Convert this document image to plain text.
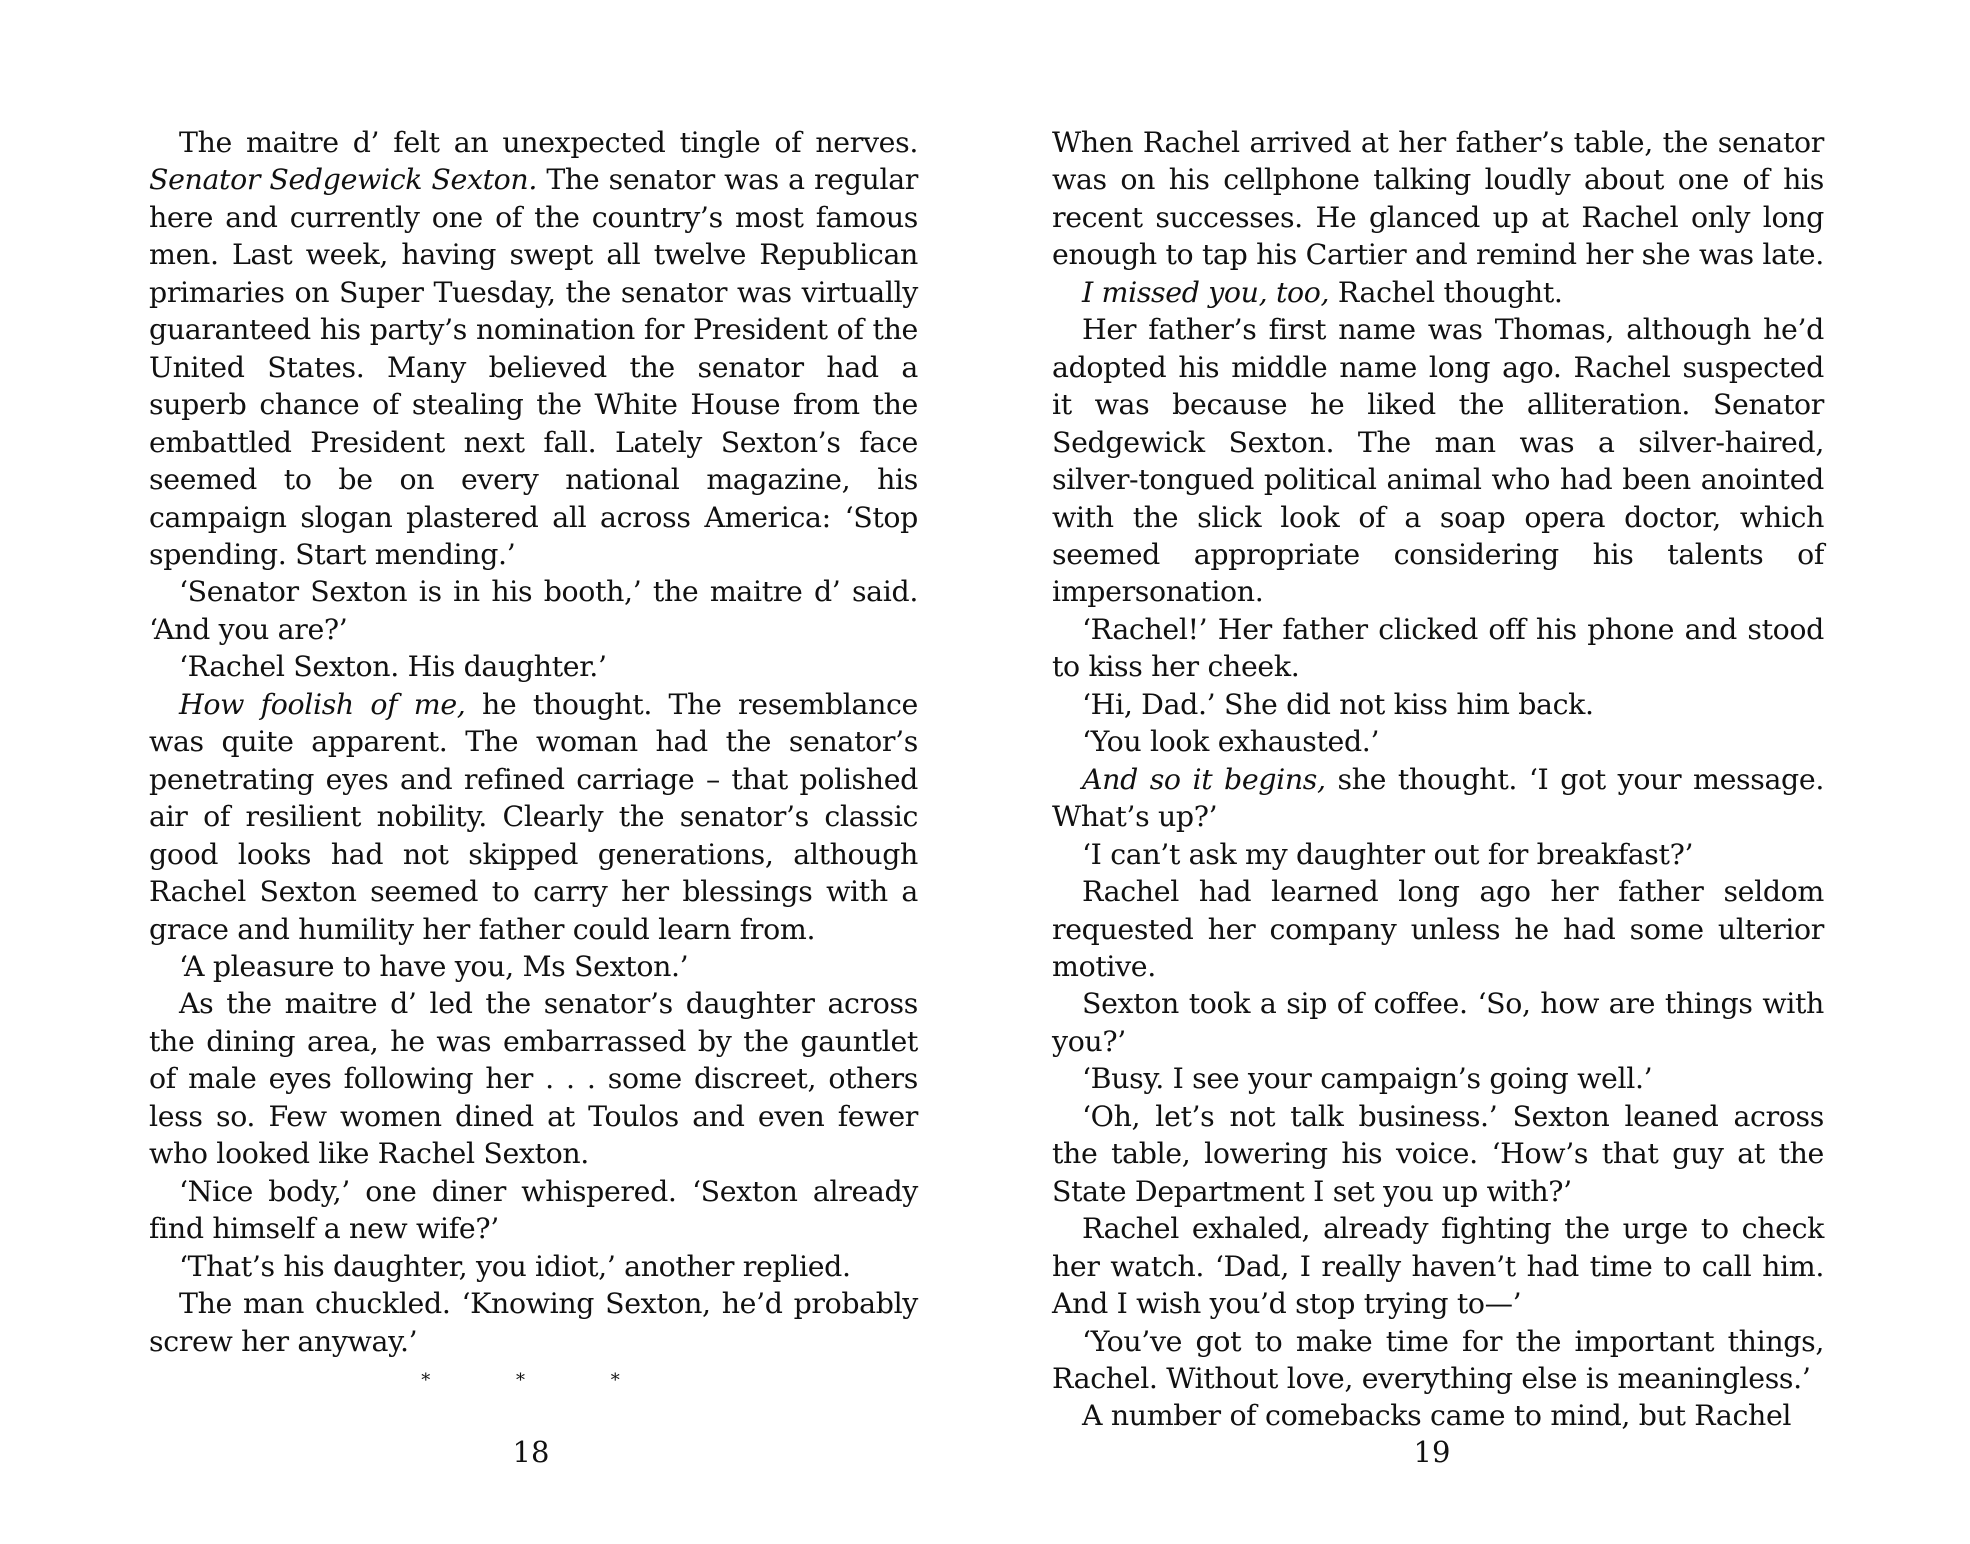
The maitre d’ felt an unexpected tingle of nerves. Senator Sedgewick Sexton. The senator was a regular here and currently one of the country’s most famous men. Last week, having swept all twelve Republican primaries on Super Tuesday, the senator was virtually guaranteed his party’s nomination for President of the United States. Many believed the senator had a superb chance of stealing the White House from the embattled President next fall. Lately Sexton’s face seemed to be on every national magazine, his campaign slogan plastered all across America: ‘Stop spending. Start mending.’

‘Senator Sexton is in his booth,’ the maitre d’ said. ‘And you are?’

‘Rachel Sexton. His daughter.’

How foolish of me, he thought. The resemblance was quite apparent. The woman had the senator’s penetrating eyes and refined carriage – that polished air of resilient nobility. Clearly the senator’s classic good looks had not skipped generations, although Rachel Sexton seemed to carry her blessings with a grace and humility her father could learn from.

‘A pleasure to have you, Ms Sexton.’

As the maitre d’ led the senator’s daughter across the dining area, he was embarrassed by the gauntlet of male eyes following her . . . some discreet, others less so. Few women dined at Toulos and even fewer who looked like Rachel Sexton.

‘Nice body,’ one diner whispered. ‘Sexton already find himself a new wife?’

‘That’s his daughter, you idiot,’ another replied.

The man chuckled. ‘Knowing Sexton, he’d probably screw her anyway.’

* * *
18

When Rachel arrived at her father’s table, the senator was on his cellphone talking loudly about one of his recent successes. He glanced up at Rachel only long enough to tap his Cartier and remind her she was late.

I missed you, too, Rachel thought.

Her father’s first name was Thomas, although he’d adopted his middle name long ago. Rachel suspected it was because he liked the alliteration. Senator Sedgewick Sexton. The man was a silver-haired, silver-tongued political animal who had been anointed with the slick look of a soap opera doctor, which seemed appropriate considering his talents of impersonation.

‘Rachel!’ Her father clicked off his phone and stood to kiss her cheek.

‘Hi, Dad.’ She did not kiss him back.

‘You look exhausted.’

And so it begins, she thought. ‘I got your message. What’s up?’

‘I can’t ask my daughter out for breakfast?’

Rachel had learned long ago her father seldom requested her company unless he had some ulterior motive.

Sexton took a sip of coffee. ‘So, how are things with you?’

‘Busy. I see your campaign’s going well.’

‘Oh, let’s not talk business.’ Sexton leaned across the table, lowering his voice. ‘How’s that guy at the State Department I set you up with?’

Rachel exhaled, already fighting the urge to check her watch. ‘Dad, I really haven’t had time to call him. And I wish you’d stop trying to—’

‘You’ve got to make time for the important things, Rachel. Without love, everything else is meaningless.’

A number of comebacks came to mind, but Rachel

19
